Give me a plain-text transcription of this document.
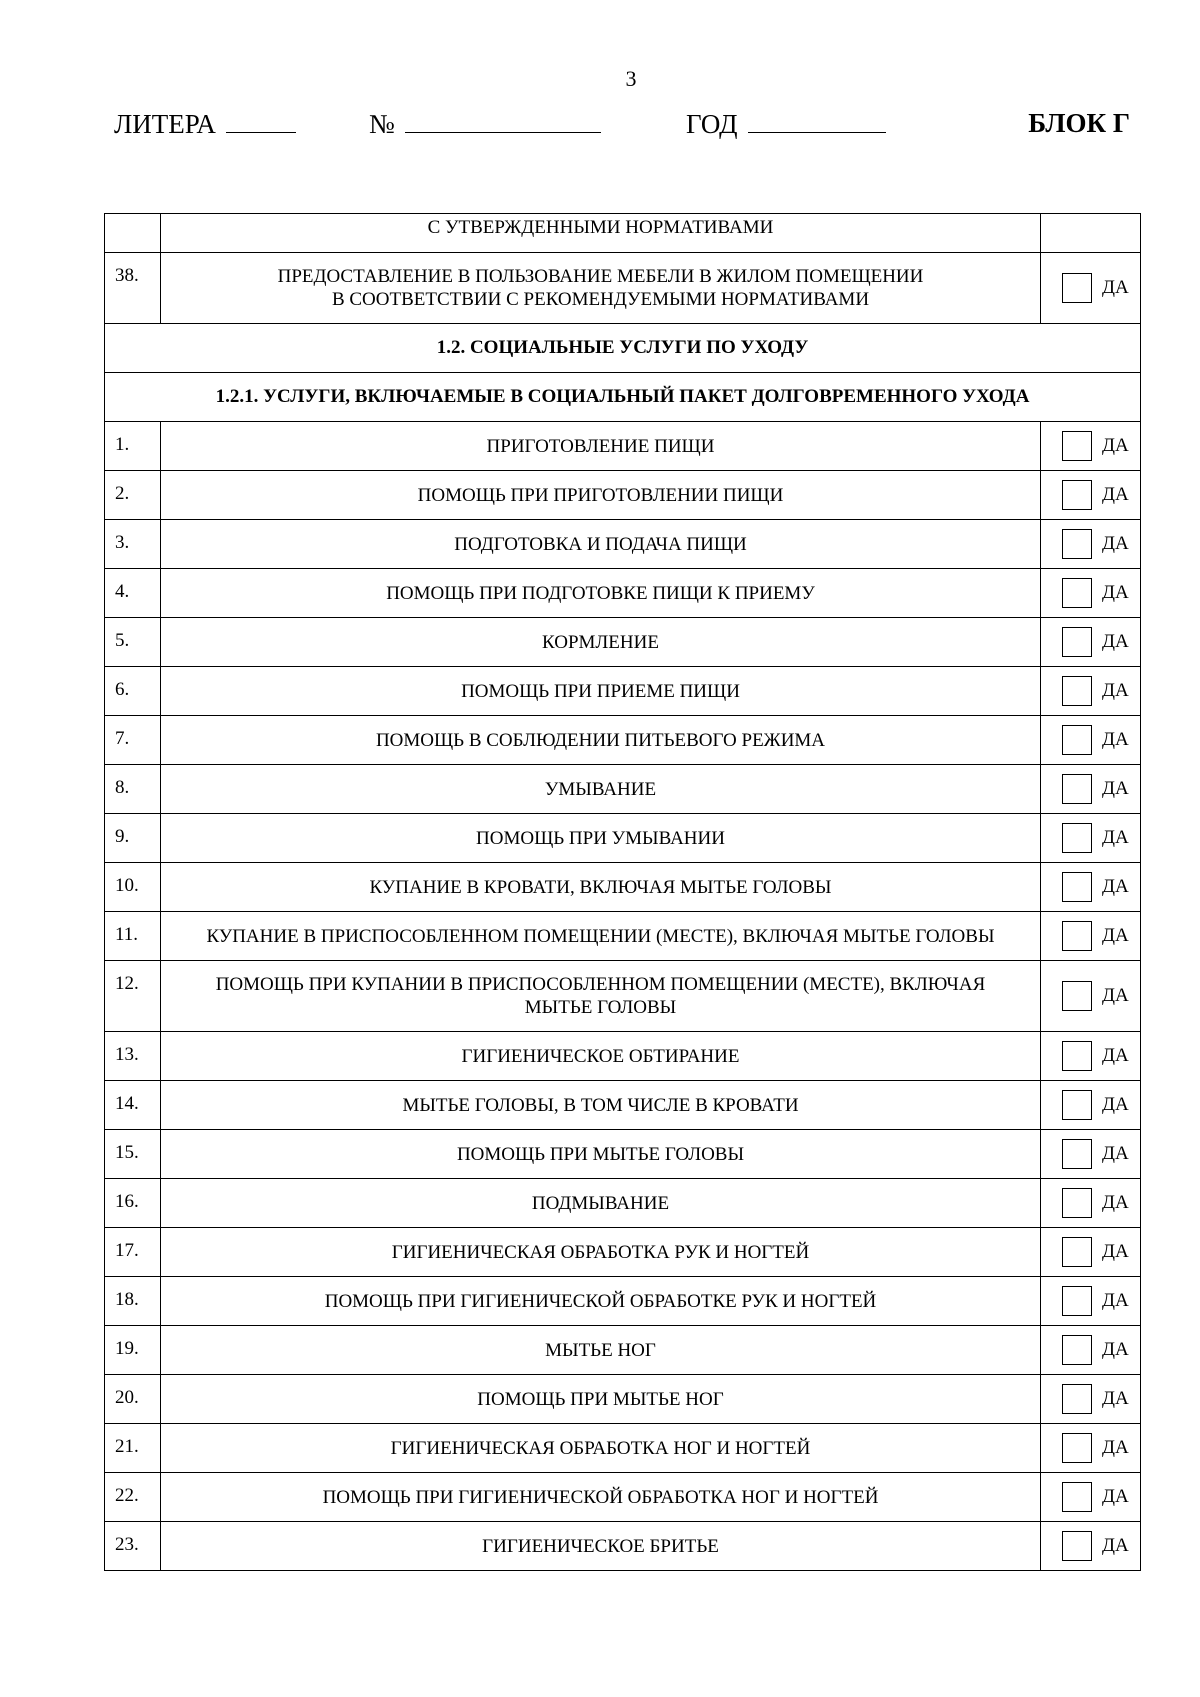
3
ЛИТЕРА	№	ГОД	БЛОК Г
	С УТВЕРЖДЕННЫМИ НОРМАТИВАМИ	
38.	ПРЕДОСТАВЛЕНИЕ В ПОЛЬЗОВАНИЕ МЕБЕЛИ В ЖИЛОМ ПОМЕЩЕНИИ
В СООТВЕТСТВИИ С РЕКОМЕНДУЕМЫМИ НОРМАТИВАМИ	ДА
1.2. СОЦИАЛЬНЫЕ УСЛУГИ ПО УХОДУ		
1.2.1. УСЛУГИ, ВКЛЮЧАЕМЫЕ В СОЦИАЛЬНЫЙ ПАКЕТ ДОЛГОВРЕМЕННОГО УХОДА		
1.	ПРИГОТОВЛЕНИЕ ПИЩИ	ДА
2.	ПОМОЩЬ ПРИ ПРИГОТОВЛЕНИИ ПИЩИ	ДА
3.	ПОДГОТОВКА И ПОДАЧА ПИЩИ	ДА
4.	ПОМОЩЬ ПРИ ПОДГОТОВКЕ ПИЩИ К ПРИЕМУ	ДА
5.	КОРМЛЕНИЕ	ДА
6.	ПОМОЩЬ ПРИ ПРИЕМЕ ПИЩИ	ДА
7.	ПОМОЩЬ В СОБЛЮДЕНИИ ПИТЬЕВОГО РЕЖИМА	ДА
8.	УМЫВАНИЕ	ДА
9.	ПОМОЩЬ ПРИ УМЫВАНИИ	ДА
10.	КУПАНИЕ В КРОВАТИ, ВКЛЮЧАЯ МЫТЬЕ ГОЛОВЫ	ДА
11.	КУПАНИЕ В ПРИСПОСОБЛЕННОМ ПОМЕЩЕНИИ (МЕСТЕ), ВКЛЮЧАЯ МЫТЬЕ ГОЛОВЫ	ДА
12.	ПОМОЩЬ ПРИ КУПАНИИ В ПРИСПОСОБЛЕННОМ ПОМЕЩЕНИИ (МЕСТЕ), ВКЛЮЧАЯ
МЫТЬЕ ГОЛОВЫ	ДА
13.	ГИГИЕНИЧЕСКОЕ ОБТИРАНИЕ	ДА
14.	МЫТЬЕ ГОЛОВЫ, В ТОМ ЧИСЛЕ В КРОВАТИ	ДА
15.	ПОМОЩЬ ПРИ МЫТЬЕ ГОЛОВЫ	ДА
16.	ПОДМЫВАНИЕ	ДА
17.	ГИГИЕНИЧЕСКАЯ ОБРАБОТКА РУК И НОГТЕЙ	ДА
18.	ПОМОЩЬ ПРИ ГИГИЕНИЧЕСКОЙ ОБРАБОТКЕ РУК И НОГТЕЙ	ДА
19.	МЫТЬЕ НОГ	ДА
20.	ПОМОЩЬ ПРИ МЫТЬЕ НОГ	ДА
21.	ГИГИЕНИЧЕСКАЯ ОБРАБОТКА НОГ И НОГТЕЙ	ДА
22.	ПОМОЩЬ ПРИ ГИГИЕНИЧЕСКОЙ ОБРАБОТКА НОГ И НОГТЕЙ	ДА
23.	ГИГИЕНИЧЕСКОЕ БРИТЬЕ	ДА
